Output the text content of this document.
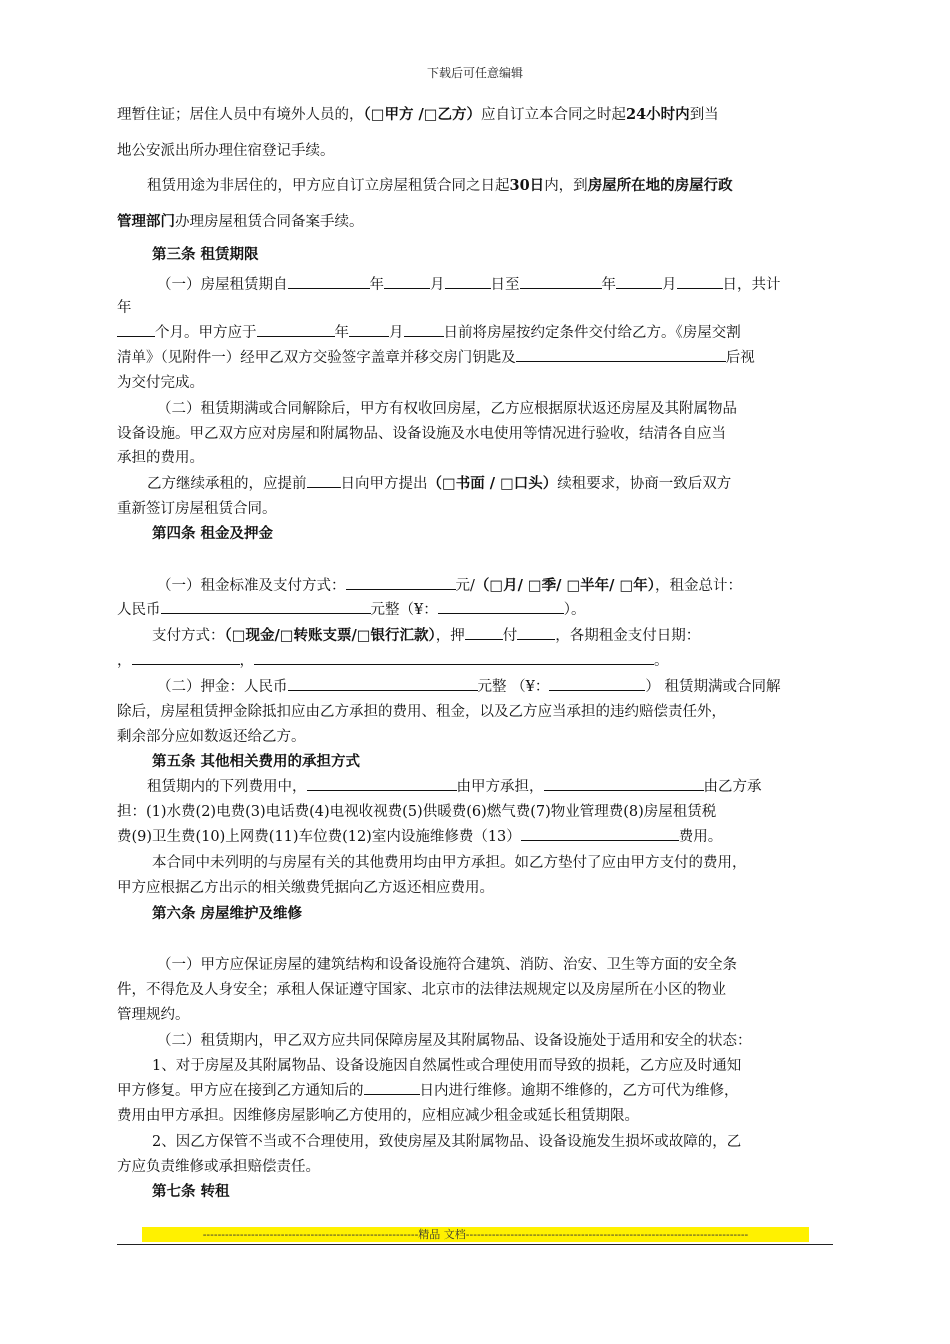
下载后可任意编辑
理暂住证；居住人员中有境外人员的，（□甲方 /□乙方）应自订立本合同之时起24小时内到当
地公安派出所办理住宿登记手续。
租赁用途为非居住的，甲方应自订立房屋租赁合同之日起30日内，到房屋所在地的房屋行政
管理部门办理房屋租赁合同备案手续。
第三条 租赁期限
（一）房屋租赁期自	年	月	日至	年	月	日，共计
年
个月。甲方应于	年	月	日前将房屋按约定条件交付给乙方。《房屋交割
清单》（见附件一）经甲乙双方交验签字盖章并移交房门钥匙及	后视
为交付完成。
（二）租赁期满或合同解除后，甲方有权收回房屋，乙方应根据原状返还房屋及其附属物品
设备设施。甲乙双方应对房屋和附属物品、设备设施及水电使用等情况进行验收，结清各自应当
承担的费用。
乙方继续承租的，应提前 日向甲方提出（□书面 / □口头）续租要求，协商一致后双方
重新签订房屋租赁合同。
第四条 租金及押金
（一）租金标准及支付方式：	元/（□月/ □季/ □半年/ □年），租金总计：
人民币	元整（¥：	）。
支付方式：（□现金/□转账支票/□银行汇款），押	付	，各期租金支付日期：
，	，	。
（二）押金：人民币	元整 （¥：	） 租赁期满或合同解
除后，房屋租赁押金除抵扣应由乙方承担的费用、租金，以及乙方应当承担的违约赔偿责任外，
剩余部分应如数返还给乙方。
第五条 其他相关费用的承担方式
租赁期内的下列费用中，	由甲方承担，	由乙方承
担：(1)水费(2)电费(3)电话费(4)电视收视费(5)供暖费(6)燃气费(7)物业管理费(8)房屋租赁税
费(9)卫生费(10)上网费(11)车位费(12)室内设施维修费（13）	费用。
本合同中未列明的与房屋有关的其他费用均由甲方承担。如乙方垫付了应由甲方支付的费用，
甲方应根据乙方出示的相关缴费凭据向乙方返还相应费用。
第六条 房屋维护及维修
（一）甲方应保证房屋的建筑结构和设备设施符合建筑、消防、治安、卫生等方面的安全条
件，不得危及人身安全；承租人保证遵守国家、北京市的法律法规规定以及房屋所在小区的物业
管理规约。
（二）租赁期内，甲乙双方应共同保障房屋及其附属物品、设备设施处于适用和安全的状态：
1、对于房屋及其附属物品、设备设施因自然属性或合理使用而导致的损耗，乙方应及时通知
甲方修复。甲方应在接到乙方通知后的	日内进行维修。逾期不维修的，乙方可代为维修，
费用由甲方承担。因维修房屋影响乙方使用的，应相应减少租金或延长租赁期限。
2、因乙方保管不当或不合理使用，致使房屋及其附属物品、设备设施发生损坏或故障的，乙
方应负责维修或承担赔偿责任。
第七条 转租
----------------------------------------------------------精品 文档----------------------------------------------------------------------------
